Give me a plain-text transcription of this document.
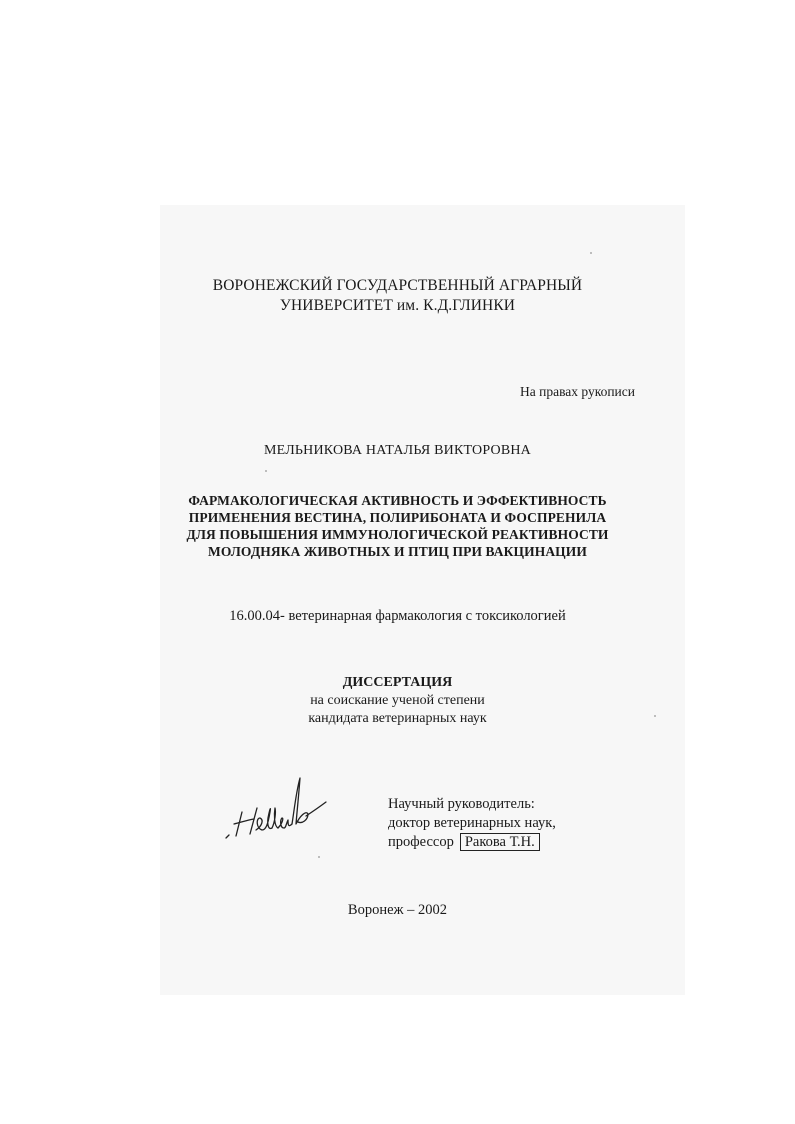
ВОРОНЕЖСКИЙ ГОСУДАРСТВЕННЫЙ АГРАРНЫЙ
УНИВЕРСИТЕТ им. К.Д.ГЛИНКИ
На правах рукописи
МЕЛЬНИКОВА НАТАЛЬЯ ВИКТОРОВНА
ФАРМАКОЛОГИЧЕСКАЯ АКТИВНОСТЬ И ЭФФЕКТИВНОСТЬ
ПРИМЕНЕНИЯ ВЕСТИНА, ПОЛИРИБОНАТА И ФОСПРЕНИЛА
ДЛЯ ПОВЫШЕНИЯ ИММУНОЛОГИЧЕСКОЙ РЕАКТИВНОСТИ
МОЛОДНЯКА ЖИВОТНЫХ И ПТИЦ ПРИ ВАКЦИНАЦИИ
16.00.04- ветеринарная фармакология с токсикологией
ДИССЕРТАЦИЯ
на соискание ученой степени
кандидата ветеринарных наук
Научный руководитель:
доктор ветеринарных наук,
профессор Ракова Т.Н.
Воронеж – 2002
